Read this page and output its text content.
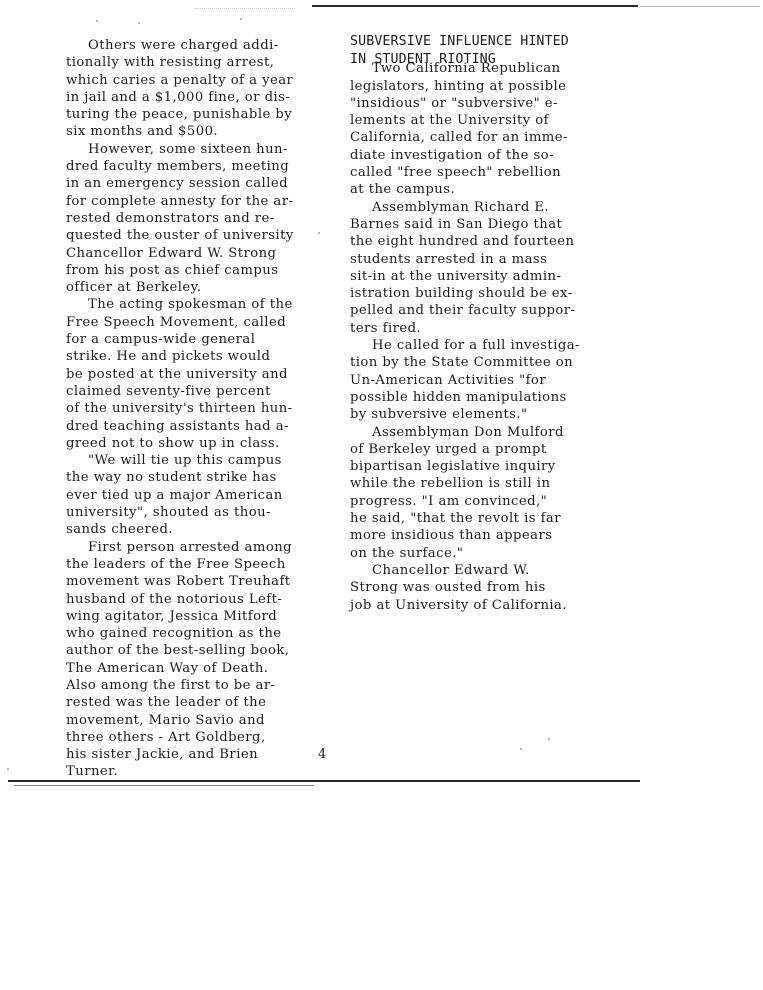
Others were charged addi-
tionally with resisting arrest,
which caries a penalty of a year
in jail and a $1,000 fine, or dis-
turing the peace, punishable by
six months and $500.
However, some sixteen hun-
dred faculty members, meeting
in an emergency session called
for complete annesty for the ar-
rested demonstrators and re-
quested the ouster of university
Chancellor Edward W. Strong
from his post as chief campus
officer at Berkeley.
The acting spokesman of the
Free Speech Movement, called
for a campus-wide general
strike. He and pickets would
be posted at the university and
claimed seventy-five percent
of the university's thirteen hun-
dred teaching assistants had a-
greed not to show up in class.
"We will tie up this campus
the way no student strike has
ever tied up a major American
university", shouted as thou-
sands cheered.
First person arrested among
the leaders of the Free Speech
movement was Robert Treuhaft
husband of the notorious Left-
wing agitator, Jessica Mitford
who gained recognition as the
author of the best-selling book,
The American Way of Death.
Also among the first to be ar-
rested was the leader of the
movement, Mario Savio and
three others - Art Goldberg,
his sister Jackie, and Brien
Turner.
SUBVERSIVE INFLUENCE HINTED
IN STUDENT RIOTING
Two California Republican
legislators, hinting at possible
"insidious" or "subversive" e-
lements at the University of
California, called for an imme-
diate investigation of the so-
called "free speech" rebellion
at the campus.
Assemblyman Richard E.
Barnes said in San Diego that
the eight hundred and fourteen
students arrested in a mass
sit-in at the university admin-
istration building should be ex-
pelled and their faculty suppor-
ters fired.
He called for a full investiga-
tion by the State Committee on
Un-American Activities "for
possible hidden manipulations
by subversive elements."
Assemblyman Don Mulford
of Berkeley urged a prompt
bipartisan legislative inquiry
while the rebellion is still in
progress. "I am convinced,"
he said, "that the revolt is far
more insidious than appears
on the surface."
Chancellor Edward W.
Strong was ousted from his
job at University of California.
4
